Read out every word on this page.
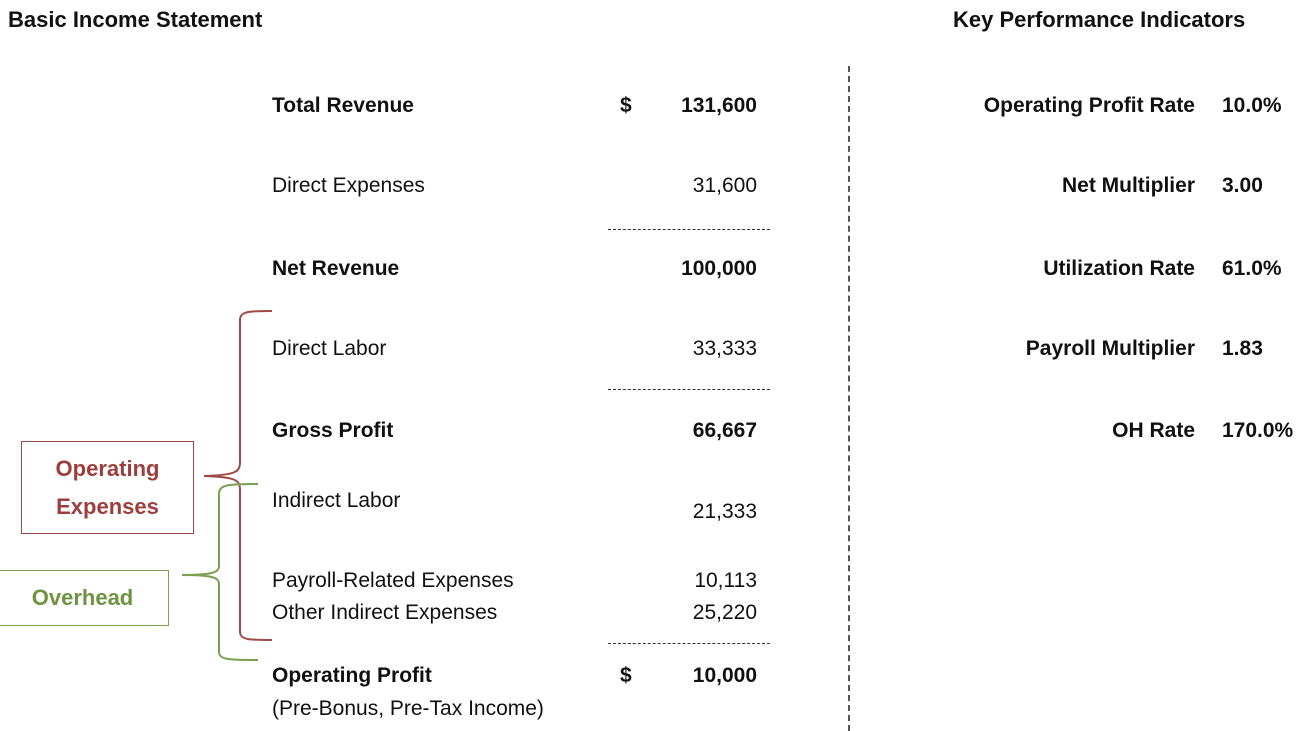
Basic Income Statement	Key Performance Indicators
Operating
Expenses
Overhead
Total Revenue	$	131,600
Direct Expenses	31,600
Net Revenue	100,000
Direct Labor	33,333
Gross Profit	66,667
Indirect Labor	21,333
Payroll-Related Expenses	10,113
Other Indirect Expenses	25,220
Operating Profit	$	10,000
(Pre-Bonus, Pre-Tax Income)
Operating Profit Rate 10.0%
Net Multiplier 3.00
Utilization Rate 61.0%
Payroll Multiplier 1.83
OH Rate 170.0%
